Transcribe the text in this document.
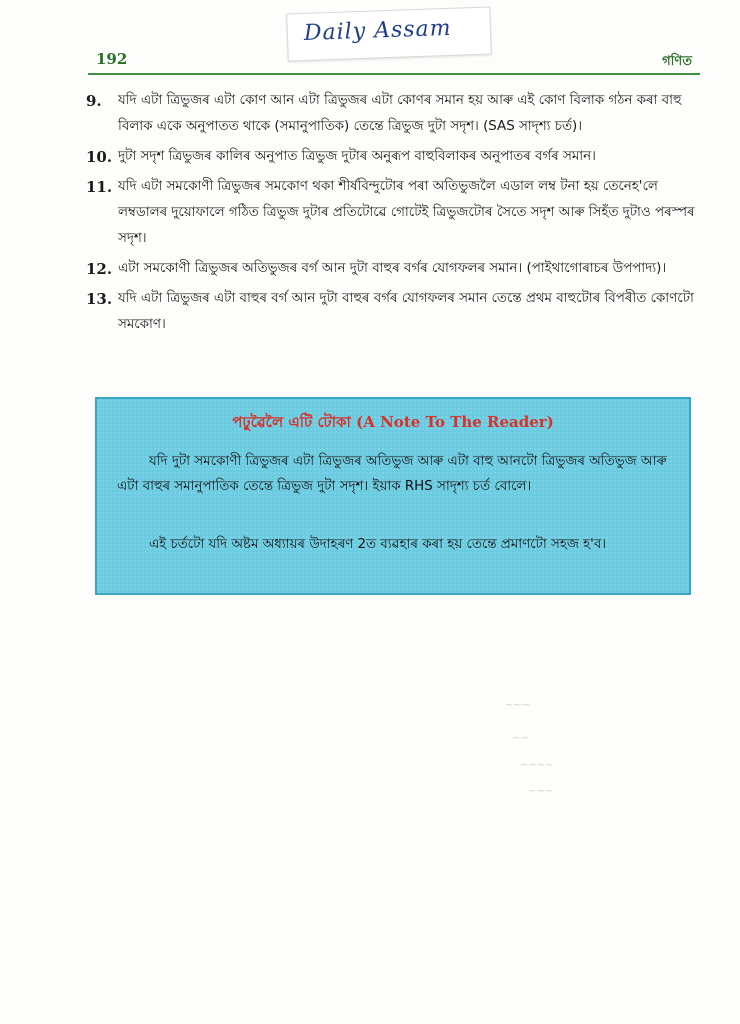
Daily Assam
192	গণিত
9.	যদি এটা ত্ৰিভুজৰ এটা কোণ আন এটা ত্ৰিভুজৰ এটা কোণৰ সমান হয় আৰু এই কোণ বিলাক গঠন কৰা বাহু বিলাক একে অনুপাতত থাকে (সমানুপাতিক) তেন্তে ত্ৰিভুজ দুটা সদৃশ। (SAS সাদৃশ্য চৰ্ত)।
10. দুটা সদৃশ ত্ৰিভুজৰ কালিৰ অনুপাত ত্ৰিভুজ দুটাৰ অনুৰূপ বাহুবিলাকৰ অনুপাতৰ বৰ্গৰ সমান।
11. যদি এটা সমকোণী ত্ৰিভুজৰ সমকোণ থকা শীৰ্ষবিন্দুটোৰ পৰা অতিভুজলৈ এডাল লম্ব টনা হয় তেনেহ'লে লম্বডালৰ দুয়োফালে গঠিত ত্ৰিভুজ দুটাৰ প্ৰতিটোৱে গোটেই ত্ৰিভুজটোৰ সৈতে সদৃশ আৰু সিহঁত দুটাও পৰস্পৰ সদৃশ।
12. এটা সমকোণী ত্ৰিভুজৰ অতিভুজৰ বৰ্গ আন দুটা বাহুৰ বৰ্গৰ যোগফলৰ সমান। (পাইথাগোৰাচৰ উপপাদ্য)।
13. যদি এটা ত্ৰিভুজৰ এটা বাহুৰ বৰ্গ আন দুটা বাহুৰ বৰ্গৰ যোগফলৰ সমান তেন্তে প্ৰথম বাহুটোৰ বিপৰীত কোণটো সমকোণ।
পঢ়ুৱৈলৈ এটি টোকা (A Note To The Reader)
যদি দুটা সমকোণী ত্ৰিভুজৰ এটা ত্ৰিভুজৰ অতিভুজ আৰু এটা বাহু আনটো ত্ৰিভুজৰ অতিভুজ আৰু এটা বাহুৰ সমানুপাতিক তেন্তে ত্ৰিভুজ দুটা সদৃশ। ইয়াক RHS সাদৃশ্য চৰ্ত বোলে।
এই চৰ্তটো যদি অষ্টম অধ্যায়ৰ উদাহৰণ 2ত ব্যৱহাৰ কৰা হয় তেন্তে প্ৰমাণটো সহজ হ'ব।
~~~
~~
~~~~
~~~
